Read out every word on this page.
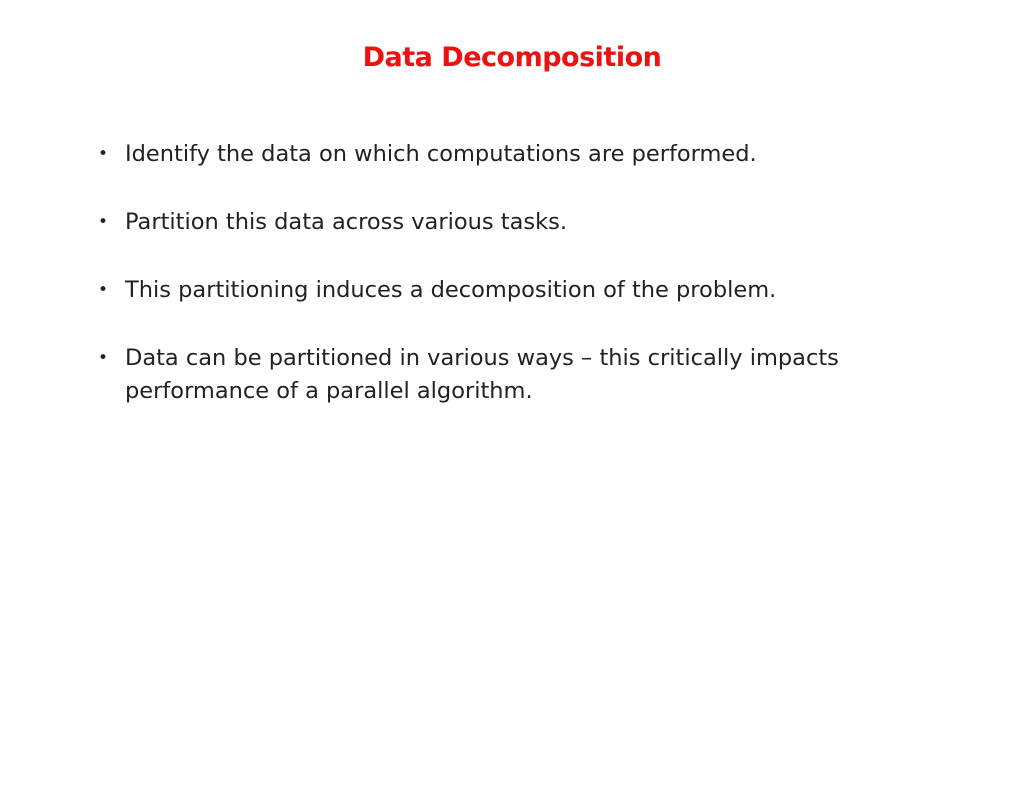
Data Decomposition
• Identify the data on which computations are performed.
• Partition this data across various tasks.
• This partitioning induces a decomposition of the problem.
• Data can be partitioned in various ways – this critically impacts performance of a parallel algorithm.
